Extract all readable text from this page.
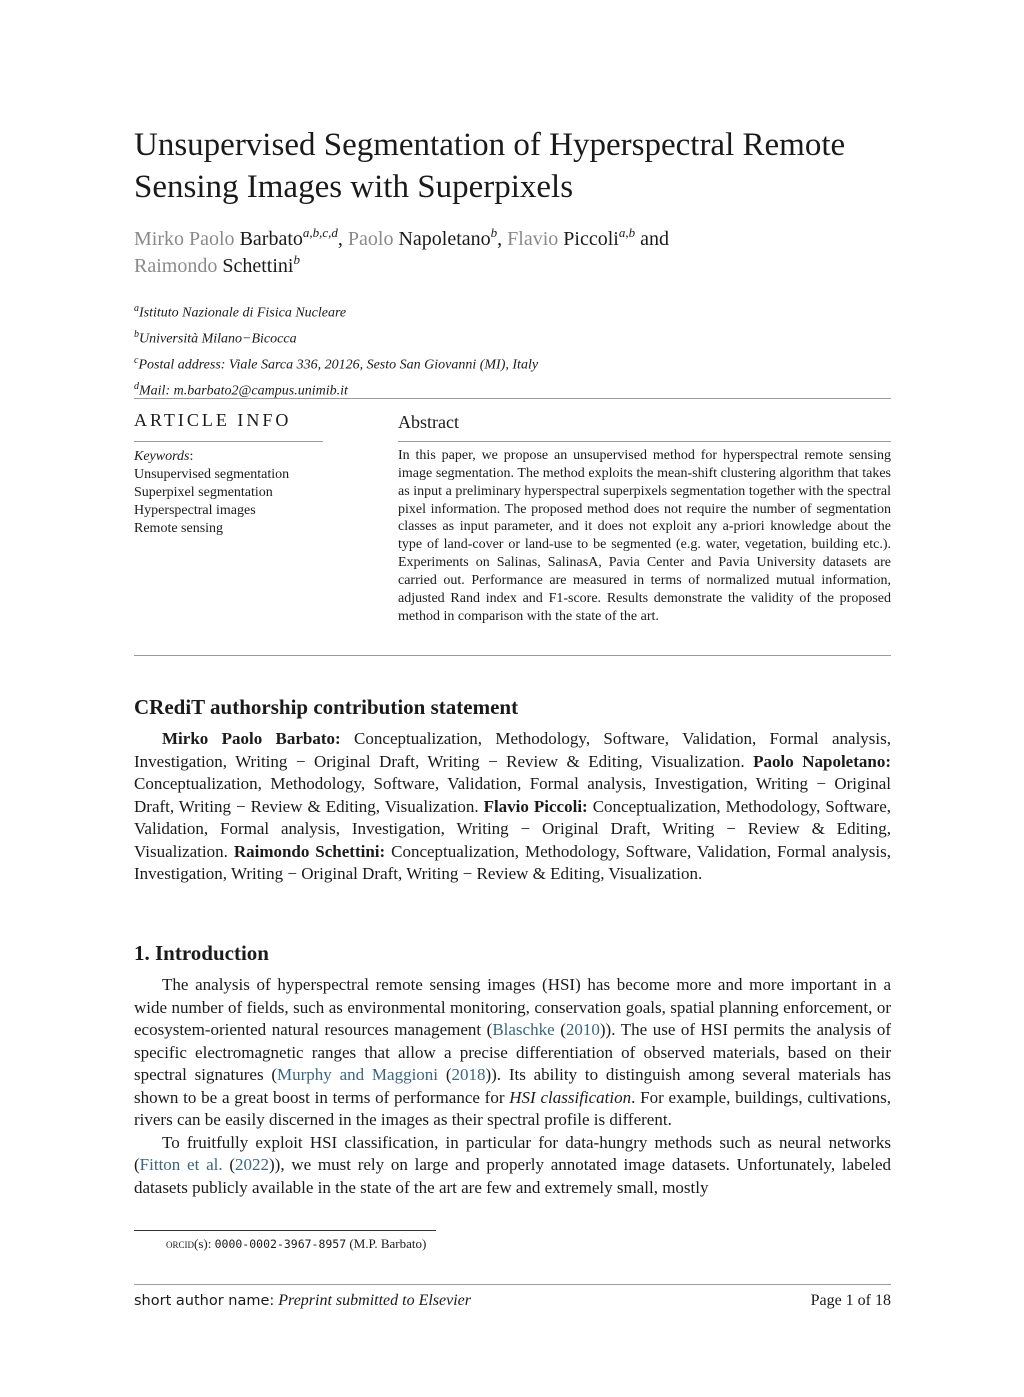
Unsupervised Segmentation of Hyperspectral Remote Sensing Images with Superpixels
Mirko Paolo Barbato$^{a,b,c,d}$, Paolo Napoletano$^b$, Flavio Piccoli$^{a,b}$ and
Raimondo Schettini$^b$
$^a$Istituto Nazionale di Fisica Nucleare
$^b$Università Milano−Bicocca
$^c$Postal address: Viale Sarca 336, 20126, Sesto San Giovanni (MI), Italy
$^d$Mail: m.barbato2@campus.unimib.it
ARTICLE INFO
Keywords:
Unsupervised segmentation
Superpixel segmentation
Hyperspectral images
Remote sensing
Abstract
In this paper, we propose an unsupervised method for hyperspectral remote sensing image segmentation. The method exploits the mean-shift clustering algorithm that takes as input a preliminary hyperspectral superpixels segmentation together with the spectral pixel information. The proposed method does not require the number of segmentation classes as input parameter, and it does not exploit any a-priori knowledge about the type of land-cover or land-use to be segmented (e.g. water, vegetation, building etc.). Experiments on Salinas, SalinasA, Pavia Center and Pavia University datasets are carried out. Performance are measured in terms of normalized mutual information, adjusted Rand index and F1-score. Results demonstrate the validity of the proposed method in comparison with the state of the art.
CRediT authorship contribution statement

Mirko Paolo Barbato: Conceptualization, Methodology, Software, Validation, Formal analysis, Investigation, Writing − Original Draft, Writing − Review & Editing, Visualization. Paolo Napoletano: Conceptualization, Methodology, Software, Validation, Formal analysis, Investigation, Writing − Original Draft, Writing − Review & Editing, Visualization. Flavio Piccoli: Conceptualization, Methodology, Software, Validation, Formal analysis, Investigation, Writing − Original Draft, Writing − Review & Editing, Visualization. Raimondo Schettini: Conceptualization, Methodology, Software, Validation, Formal analysis, Investigation, Writing − Original Draft, Writing − Review & Editing, Visualization.

1. Introduction

The analysis of hyperspectral remote sensing images (HSI) has become more and more important in a wide number of fields, such as environmental monitoring, conservation goals, spatial planning enforcement, or ecosystem-oriented natural resources management (Blaschke (2010)). The use of HSI permits the analysis of specific electromagnetic ranges that allow a precise differentiation of observed materials, based on their spectral signatures (Murphy and Maggioni (2018)). Its ability to distinguish among several materials has shown to be a great boost in terms of performance for HSI classification. For example, buildings, cultivations, rivers can be easily discerned in the images as their spectral profile is different.

To fruitfully exploit HSI classification, in particular for data-hungry methods such as neural networks (Fitton et al. (2022)), we must rely on large and properly annotated image datasets. Unfortunately, labeled datasets publicly available in the state of the art are few and extremely small, mostly

orcid(s): 0000-0002-3967-8957 (M.P. Barbato)
short author name: Preprint submitted to Elsevier	Page 1 of 18
